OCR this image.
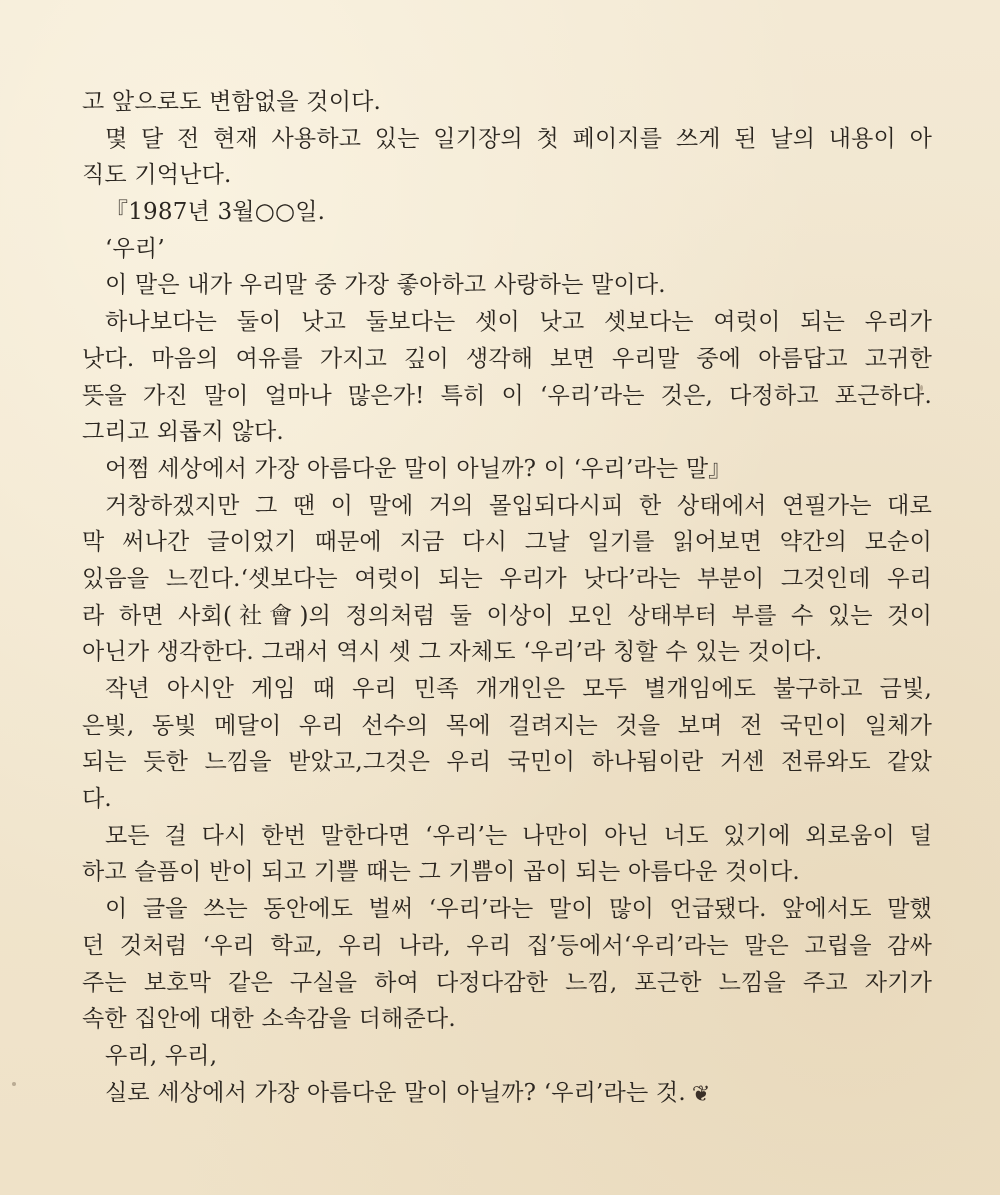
고 앞으로도 변함없을 것이다.
몇 달 전 현재 사용하고 있는 일기장의 첫 페이지를 쓰게 된 날의 내용이 아
직도 기억난다.
『1987년 3월○○일.
‘우리’
이 말은 내가 우리말 중 가장 좋아하고 사랑하는 말이다.
하나보다는 둘이 낫고 둘보다는 셋이 낫고 셋보다는 여럿이 되는 우리가
낫다. 마음의 여유를 가지고 깊이 생각해 보면 우리말 중에 아름답고 고귀한
뜻을 가진 말이 얼마나 많은가! 특히 이 ‘우리’라는 것은, 다정하고 포근하다.
그리고 외롭지 않다.
어쩜 세상에서 가장 아름다운 말이 아닐까? 이 ‘우리’라는 말』
거창하겠지만 그 땐 이 말에 거의 몰입되다시피 한 상태에서 연필가는 대로
막 써나간 글이었기 때문에 지금 다시 그날 일기를 읽어보면 약간의 모순이
있음을 느낀다.‘셋보다는 여럿이 되는 우리가 낫다’라는 부분이 그것인데 우리
라 하면 사회(社會)의 정의처럼 둘 이상이 모인 상태부터 부를 수 있는 것이
아닌가 생각한다. 그래서 역시 셋 그 자체도 ‘우리’라 칭할 수 있는 것이다.
작년 아시안 게임 때 우리 민족 개개인은 모두 별개임에도 불구하고 금빛,
은빛, 동빛 메달이 우리 선수의 목에 걸려지는 것을 보며 전 국민이 일체가
되는 듯한 느낌을 받았고,그것은 우리 국민이 하나됨이란 거센 전류와도 같았
다.
모든 걸 다시 한번 말한다면 ‘우리’는 나만이 아닌 너도 있기에 외로움이 덜
하고 슬픔이 반이 되고 기쁠 때는 그 기쁨이 곱이 되는 아름다운 것이다.
이 글을 쓰는 동안에도 벌써 ‘우리’라는 말이 많이 언급됐다. 앞에서도 말했
던 것처럼 ‘우리 학교, 우리 나라, 우리 집’등에서‘우리’라는 말은 고립을 감싸
주는 보호막 같은 구실을 하여 다정다감한 느낌, 포근한 느낌을 주고 자기가
속한 집안에 대한 소속감을 더해준다.
우리, 우리,
실로 세상에서 가장 아름다운 말이 아닐까? ‘우리’라는 것. ❦
